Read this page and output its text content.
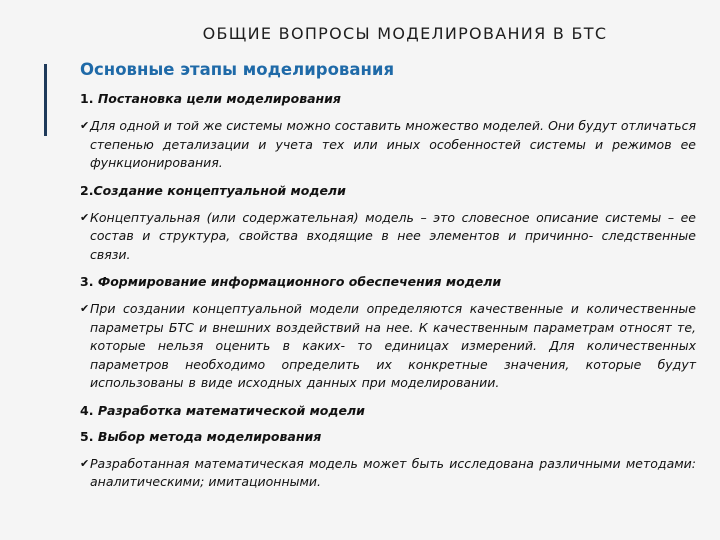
ОБЩИЕ ВОПРОСЫ МОДЕЛИРОВАНИЯ В БТС
Основные этапы моделирования
1. Постановка цели моделирования
✔ Для одной и той же системы можно составить множество моделей. Они будут отличаться степенью детализации и учета тех или иных особенностей системы и режимов ее функционирования.
2.Создание концептуальной модели
✔ Концептуальная (или содержательная) модель – это словесное описание системы – ее состав и структура, свойства входящие в нее элементов и причинно- следственные связи.
3. Формирование информационного обеспечения модели
✔ При создании концептуальной модели определяются качественные и количественные параметры БТС и внешних воздействий на нее. К качественным параметрам относят те, которые нельзя оценить в каких- то единицах измерений. Для количественных параметров необходимо определить их конкретные значения, которые будут использованы в виде исходных данных при моделировании.
4. Разработка математической модели
5. Выбор метода моделирования
✔ Разработанная математическая модель может быть исследована различными методами: аналитическими; имитационными.
